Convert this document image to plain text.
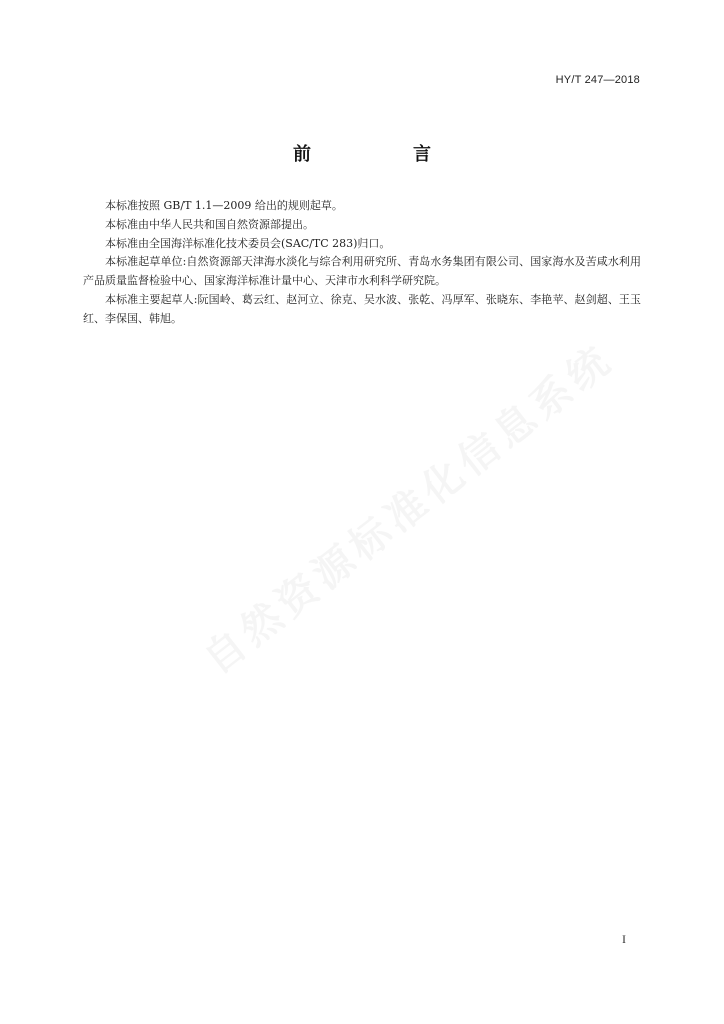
HY/T 247—2018
前　言

本标准按照 GB/T 1.1—2009 给出的规则起草。

本标准由中华人民共和国自然资源部提出。

本标准由全国海洋标准化技术委员会(SAC/TC 283)归口。

本标准起草单位:自然资源部天津海水淡化与综合利用研究所、青岛水务集团有限公司、国家海水及苦咸水利用产品质量监督检验中心、国家海洋标准计量中心、天津市水利科学研究院。

本标准主要起草人:阮国岭、葛云红、赵河立、徐克、吴水波、张乾、冯厚军、张晓东、李艳苹、赵剑超、王玉红、李保国、韩旭。

自然资源标准化信息系统
I
